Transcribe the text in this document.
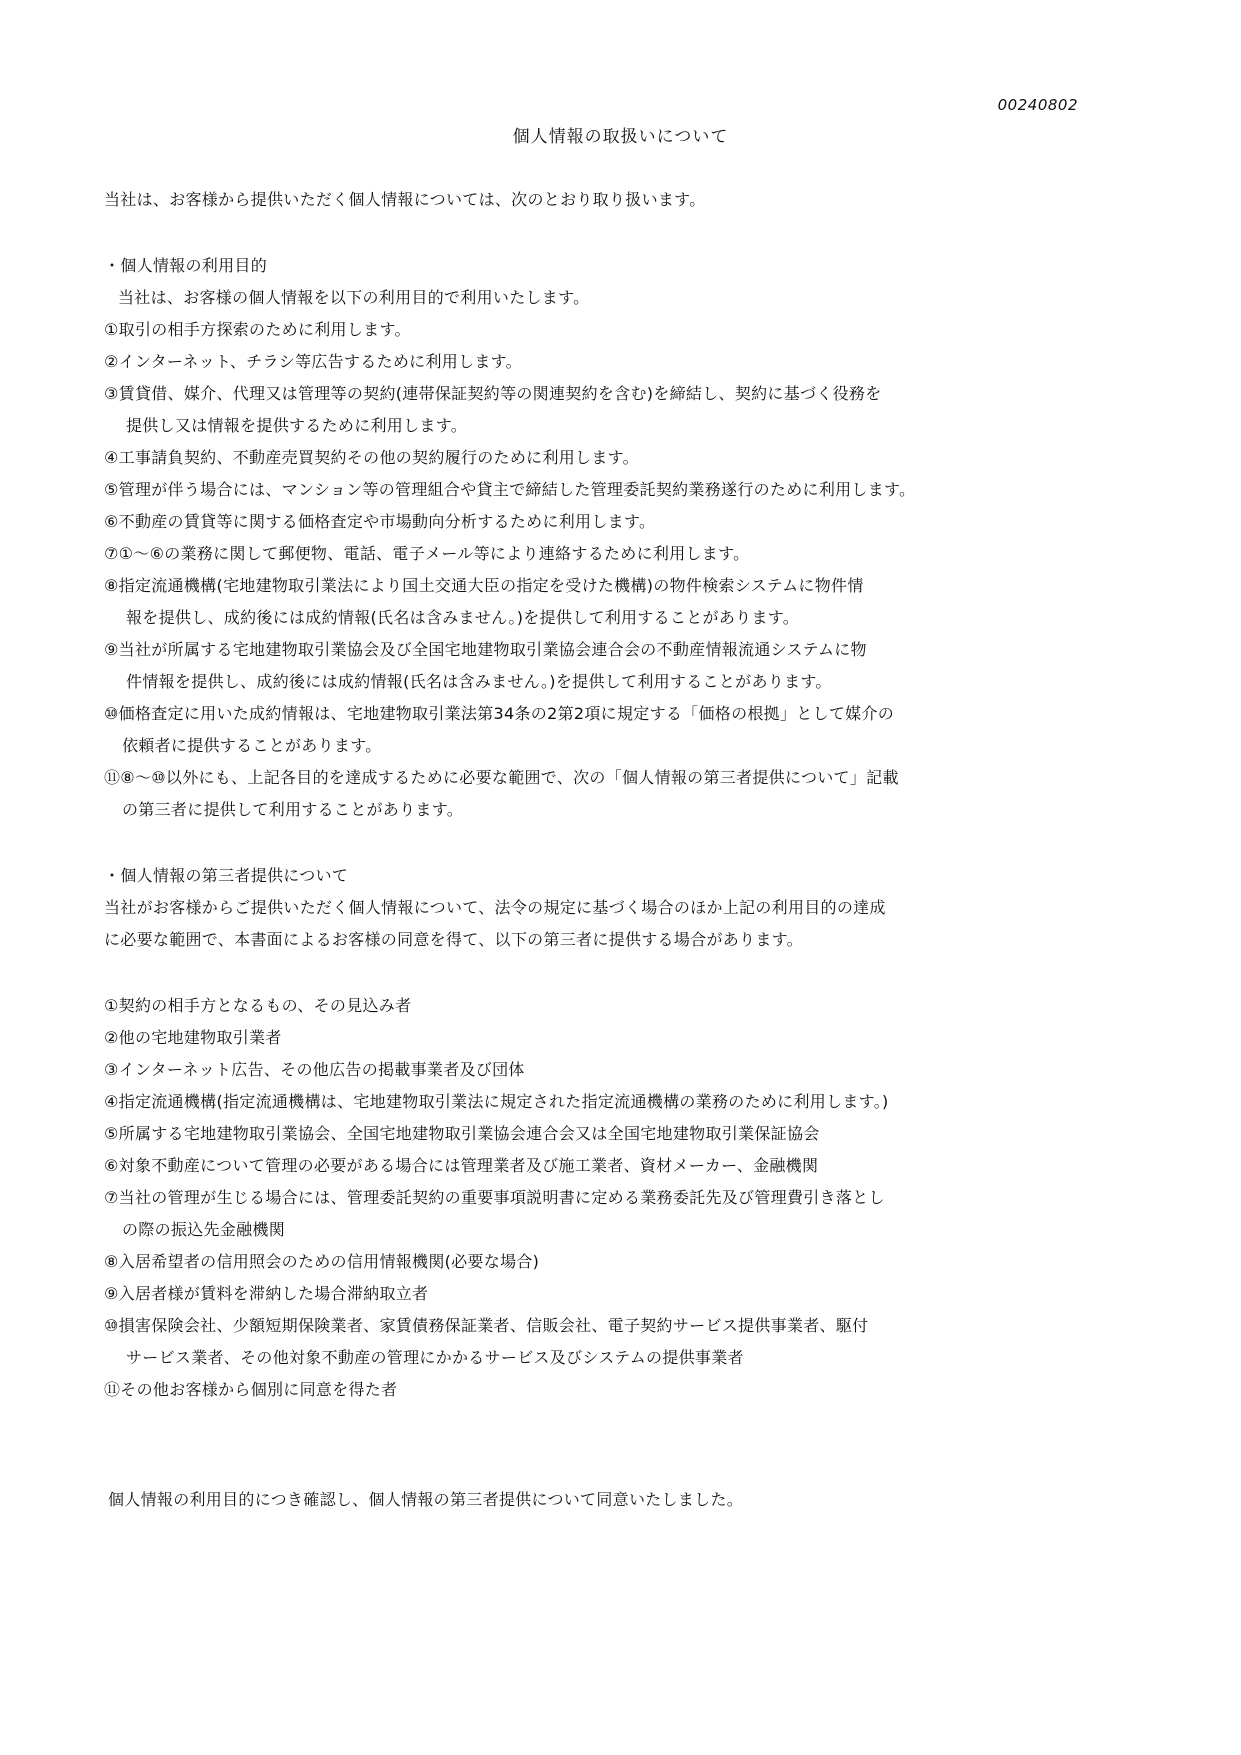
00240802
個人情報の取扱いについて
当社は、お客様から提供いただく個人情報については、次のとおり取り扱います。
・個人情報の利用目的
当社は、お客様の個人情報を以下の利用目的で利用いたします。
①取引の相手方探索のために利用します。
②インターネット、チラシ等広告するために利用します。
③賃貸借、媒介、代理又は管理等の契約(連帯保証契約等の関連契約を含む)を締結し、契約に基づく役務を
提供し又は情報を提供するために利用します。
④工事請負契約、不動産売買契約その他の契約履行のために利用します。
⑤管理が伴う場合には、マンション等の管理組合や貸主で締結した管理委託契約業務遂行のために利用します。
⑥不動産の賃貸等に関する価格査定や市場動向分析するために利用します。
⑦①～⑥の業務に関して郵便物、電話、電子メール等により連絡するために利用します。
⑧指定流通機構(宅地建物取引業法により国土交通大臣の指定を受けた機構)の物件検索システムに物件情
報を提供し、成約後には成約情報(氏名は含みません。)を提供して利用することがあります。
⑨当社が所属する宅地建物取引業協会及び全国宅地建物取引業協会連合会の不動産情報流通システムに物
件情報を提供し、成約後には成約情報(氏名は含みません。)を提供して利用することがあります。
⑩価格査定に用いた成約情報は、宅地建物取引業法第34条の2第2項に規定する「価格の根拠」として媒介の
依頼者に提供することがあります。
⑪⑧～⑩以外にも、上記各目的を達成するために必要な範囲で、次の「個人情報の第三者提供について」記載
の第三者に提供して利用することがあります。
・個人情報の第三者提供について
当社がお客様からご提供いただく個人情報について、法令の規定に基づく場合のほか上記の利用目的の達成
に必要な範囲で、本書面によるお客様の同意を得て、以下の第三者に提供する場合があります。
①契約の相手方となるもの、その見込み者
②他の宅地建物取引業者
③インターネット広告、その他広告の掲載事業者及び団体
④指定流通機構(指定流通機構は、宅地建物取引業法に規定された指定流通機構の業務のために利用します。)
⑤所属する宅地建物取引業協会、全国宅地建物取引業協会連合会又は全国宅地建物取引業保証協会
⑥対象不動産について管理の必要がある場合には管理業者及び施工業者、資材メーカー、金融機関
⑦当社の管理が生じる場合には、管理委託契約の重要事項説明書に定める業務委託先及び管理費引き落とし
の際の振込先金融機関
⑧入居希望者の信用照会のための信用情報機関(必要な場合)
⑨入居者様が賃料を滞納した場合滞納取立者
⑩損害保険会社、少額短期保険業者、家賃債務保証業者、信販会社、電子契約サービス提供事業者、駆付
サービス業者、その他対象不動産の管理にかかるサービス及びシステムの提供事業者
⑪その他お客様から個別に同意を得た者
個人情報の利用目的につき確認し、個人情報の第三者提供について同意いたしました。
